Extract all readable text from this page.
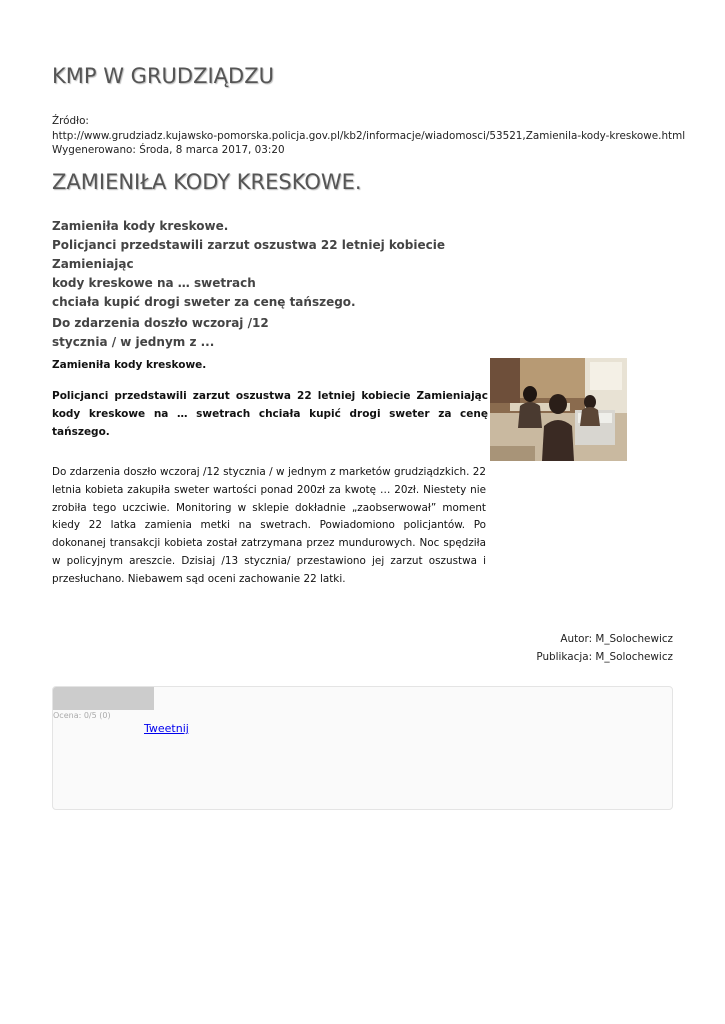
KMP W GRUDZIĄDZU
Źródło:
http://www.grudziadz.kujawsko-pomorska.policja.gov.pl/kb2/informacje/wiadomosci/53521,Zamienila-kody-kreskowe.html
Wygenerowano: Środa, 8 marca 2017, 03:20
ZAMIENIŁA KODY KRESKOWE.
Zamieniła kody kreskowe.
Policjanci przedstawili zarzut oszustwa 22 letniej kobiecie Zamieniając
kody kreskowe na … swetrach
chciała kupić drogi sweter za cenę tańszego.
Do zdarzenia doszło wczoraj /12
stycznia / w jednym z ...
Zamieniła kody kreskowe.
Policjanci przedstawili zarzut oszustwa 22 letniej kobiecie Zamieniając kody kreskowe na … swetrach chciała kupić drogi sweter za cenę tańszego.
Do zdarzenia doszło wczoraj /12 stycznia / w jednym z marketów grudziądzkich. 22 letnia kobieta zakupiła sweter wartości ponad 200zł za kwotę … 20zł. Niestety nie zrobiła tego uczciwie. Monitoring w sklepie dokładnie „zaobserwował” moment kiedy 22 latka zamienia metki na swetrach. Powiadomiono policjantów. Po dokonanej transakcji kobieta został zatrzymana przez mundurowych. Noc spędziła w policyjnym areszcie. Dzisiaj /13 stycznia/ przestawiono jej zarzut oszustwa i przesłuchano. Niebawem sąd oceni zachowanie 22 latki.
Autor: M_Solochewicz
Publikacja: M_Solochewicz
Ocena: 0/5 (0)
Tweetnij
